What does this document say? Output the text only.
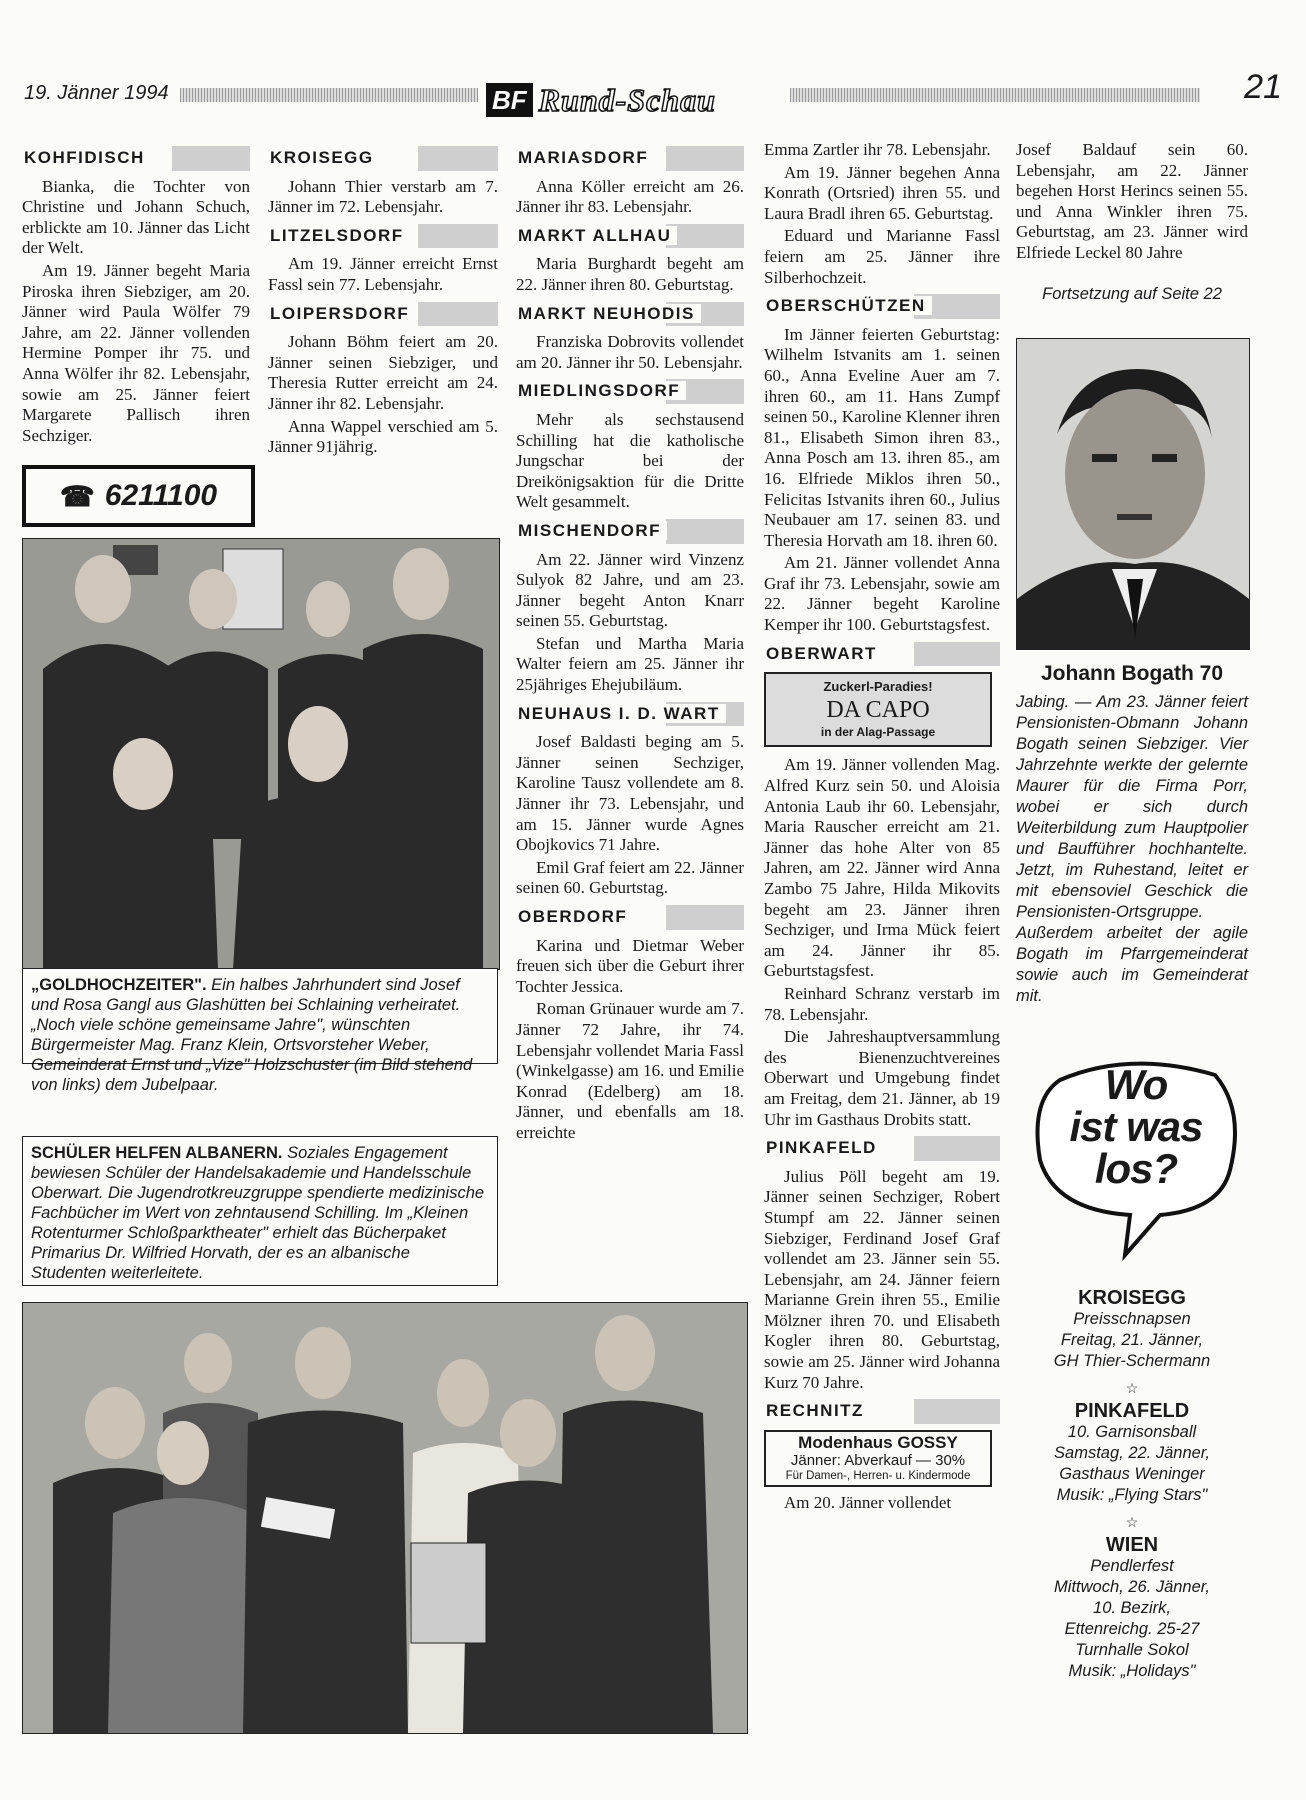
19. Jänner 1994	BF Rund-Schau	21
KOHFIDISCH

Bianka, die Tochter von Christine und Johann Schuch, erblickte am 10. Jänner das Licht der Welt.

Am 19. Jänner begeht Maria Piroska ihren Siebziger, am 20. Jänner wird Paula Wölfer 79 Jahre, am 22. Jänner vollenden Hermine Pomper ihr 75. und Anna Wölfer ihr 82. Lebensjahr, sowie am 25. Jänner feiert Margarete Pallisch ihren Sechziger.

☎ 6211100
KROISEGG

Johann Thier verstarb am 7. Jänner im 72. Lebensjahr.

LITZELSDORF

Am 19. Jänner erreicht Ernst Fassl sein 77. Lebensjahr.

LOIPERSDORF

Johann Böhm feiert am 20. Jänner seinen Siebziger, und Theresia Rutter erreicht am 24. Jänner ihr 82. Lebensjahr.

Anna Wappel verschied am 5. Jänner 91jährig.

„GOLDHOCHZEITER". Ein halbes Jahrhundert sind Josef und Rosa Gangl aus Glashütten bei Schlaining verheiratet. „Noch viele schöne gemeinsame Jahre", wünschten Bürgermeister Mag. Franz Klein, Ortsvorsteher Weber, Gemeinderat Ernst und „Vize" Holzschuster (im Bild stehend von links) dem Jubelpaar.
SCHÜLER HELFEN ALBANERN. Soziales Engagement bewiesen Schüler der Handelsakademie und Handelsschule Oberwart. Die Jugendrotkreuzgruppe spendierte medizinische Fachbücher im Wert von zehntausend Schilling. Im „Kleinen Rotenturmer Schloßparktheater" erhielt das Bücherpaket Primarius Dr. Wilfried Horvath, der es an albanische Studenten weiterleitete.
MARIASDORF

Anna Köller erreicht am 26. Jänner ihr 83. Lebensjahr.

MARKT ALLHAU

Maria Burghardt begeht am 22. Jänner ihren 80. Geburtstag.

MARKT NEUHODIS

Franziska Dobrovits vollendet am 20. Jänner ihr 50. Lebensjahr.

MIEDLINGSDORF

Mehr als sechstausend Schilling hat die katholische Jungschar bei der Dreikönigsaktion für die Dritte Welt gesammelt.

MISCHENDORF

Am 22. Jänner wird Vinzenz Sulyok 82 Jahre, und am 23. Jänner begeht Anton Knarr seinen 55. Geburtstag.

Stefan und Martha Maria Walter feiern am 25. Jänner ihr 25jähriges Ehejubiläum.

NEUHAUS I. D. WART

Josef Baldasti beging am 5. Jänner seinen Sechziger, Karoline Tausz vollendete am 8. Jänner ihr 73. Lebensjahr, und am 15. Jänner wurde Agnes Obojkovics 71 Jahre.

Emil Graf feiert am 22. Jänner seinen 60. Geburtstag.

OBERDORF

Karina und Dietmar Weber freuen sich über die Geburt ihrer Tochter Jessica.

Roman Grünauer wurde am 7. Jänner 72 Jahre, ihr 74. Lebensjahr vollendet Maria Fassl (Winkelgasse) am 16. und Emilie Konrad (Edelberg) am 18. Jänner, und ebenfalls am 18. erreichte

Emma Zartler ihr 78. Lebensjahr.

Am 19. Jänner begehen Anna Konrath (Ortsried) ihren 55. und Laura Bradl ihren 65. Geburtstag.

Eduard und Marianne Fassl feiern am 25. Jänner ihre Silberhochzeit.

OBERSCHÜTZEN

Im Jänner feierten Geburtstag: Wilhelm Istvanits am 1. seinen 60., Anna Eveline Auer am 7. ihren 60., am 11. Hans Zumpf seinen 50., Karoline Klenner ihren 81., Elisabeth Simon ihren 83., Anna Posch am 13. ihren 85., am 16. Elfriede Miklos ihren 50., Felicitas Istvanits ihren 60., Julius Neubauer am 17. seinen 83. und Theresia Horvath am 18. ihren 60.

Am 21. Jänner vollendet Anna Graf ihr 73. Lebensjahr, sowie am 22. Jänner begeht Karoline Kemper ihr 100. Geburtstagsfest.

OBERWART
Zuckerl-Paradies!
DA CAPO
in der Alag-Passage

Am 19. Jänner vollenden Mag. Alfred Kurz sein 50. und Aloisia Antonia Laub ihr 60. Lebensjahr, Maria Rauscher erreicht am 21. Jänner das hohe Alter von 85 Jahren, am 22. Jänner wird Anna Zambo 75 Jahre, Hilda Mikovits begeht am 23. Jänner ihren Sechziger, und Irma Mück feiert am 24. Jänner ihr 85. Geburtstagsfest.

Reinhard Schranz verstarb im 78. Lebensjahr.

Die Jahreshauptversammlung des Bienenzuchtvereines Oberwart und Umgebung findet am Freitag, dem 21. Jänner, ab 19 Uhr im Gasthaus Drobits statt.

PINKAFELD

Julius Pöll begeht am 19. Jänner seinen Sechziger, Robert Stumpf am 22. Jänner seinen Siebziger, Ferdinand Josef Graf vollendet am 23. Jänner sein 55. Lebensjahr, am 24. Jänner feiern Marianne Grein ihren 55., Emilie Mölzner ihren 70. und Elisabeth Kogler ihren 80. Geburtstag, sowie am 25. Jänner wird Johanna Kurz 70 Jahre.

RECHNITZ
Modenhaus GOSSY
Jänner: Abverkauf — 30%
Für Damen-, Herren- u. Kindermode

Am 20. Jänner vollendet

Josef Baldauf sein 60. Lebensjahr, am 22. Jänner begehen Horst Herincs seinen 55. und Anna Winkler ihren 75. Geburtstag, am 23. Jänner wird Elfriede Leckel 80 Jahre

Fortsetzung auf Seite 22
Johann Bogath 70
Jabing. — Am 23. Jänner feiert Pensionisten-Obmann Johann Bogath seinen Siebziger. Vier Jahrzehnte werkte der gelernte Maurer für die Firma Porr, wobei er sich durch Weiterbildung zum Hauptpolier und Baufführer hochhantelte. Jetzt, im Ruhestand, leitet er mit ebensoviel Geschick die Pensionisten-Ortsgruppe. Außerdem arbeitet der agile Bogath im Pfarrgemeinderat sowie auch im Gemeinderat mit.
Wo
ist was
los?
KROISEGG
Preisschnapsen
Freitag, 21. Jänner,
GH Thier-Schermann
☆
PINKAFELD
10. Garnisonsball
Samstag, 22. Jänner,
Gasthaus Weninger
Musik: „Flying Stars"
☆
WIEN
Pendlerfest
Mittwoch, 26. Jänner,
10. Bezirk,
Ettenreichg. 25-27
Turnhalle Sokol
Musik: „Holidays"
